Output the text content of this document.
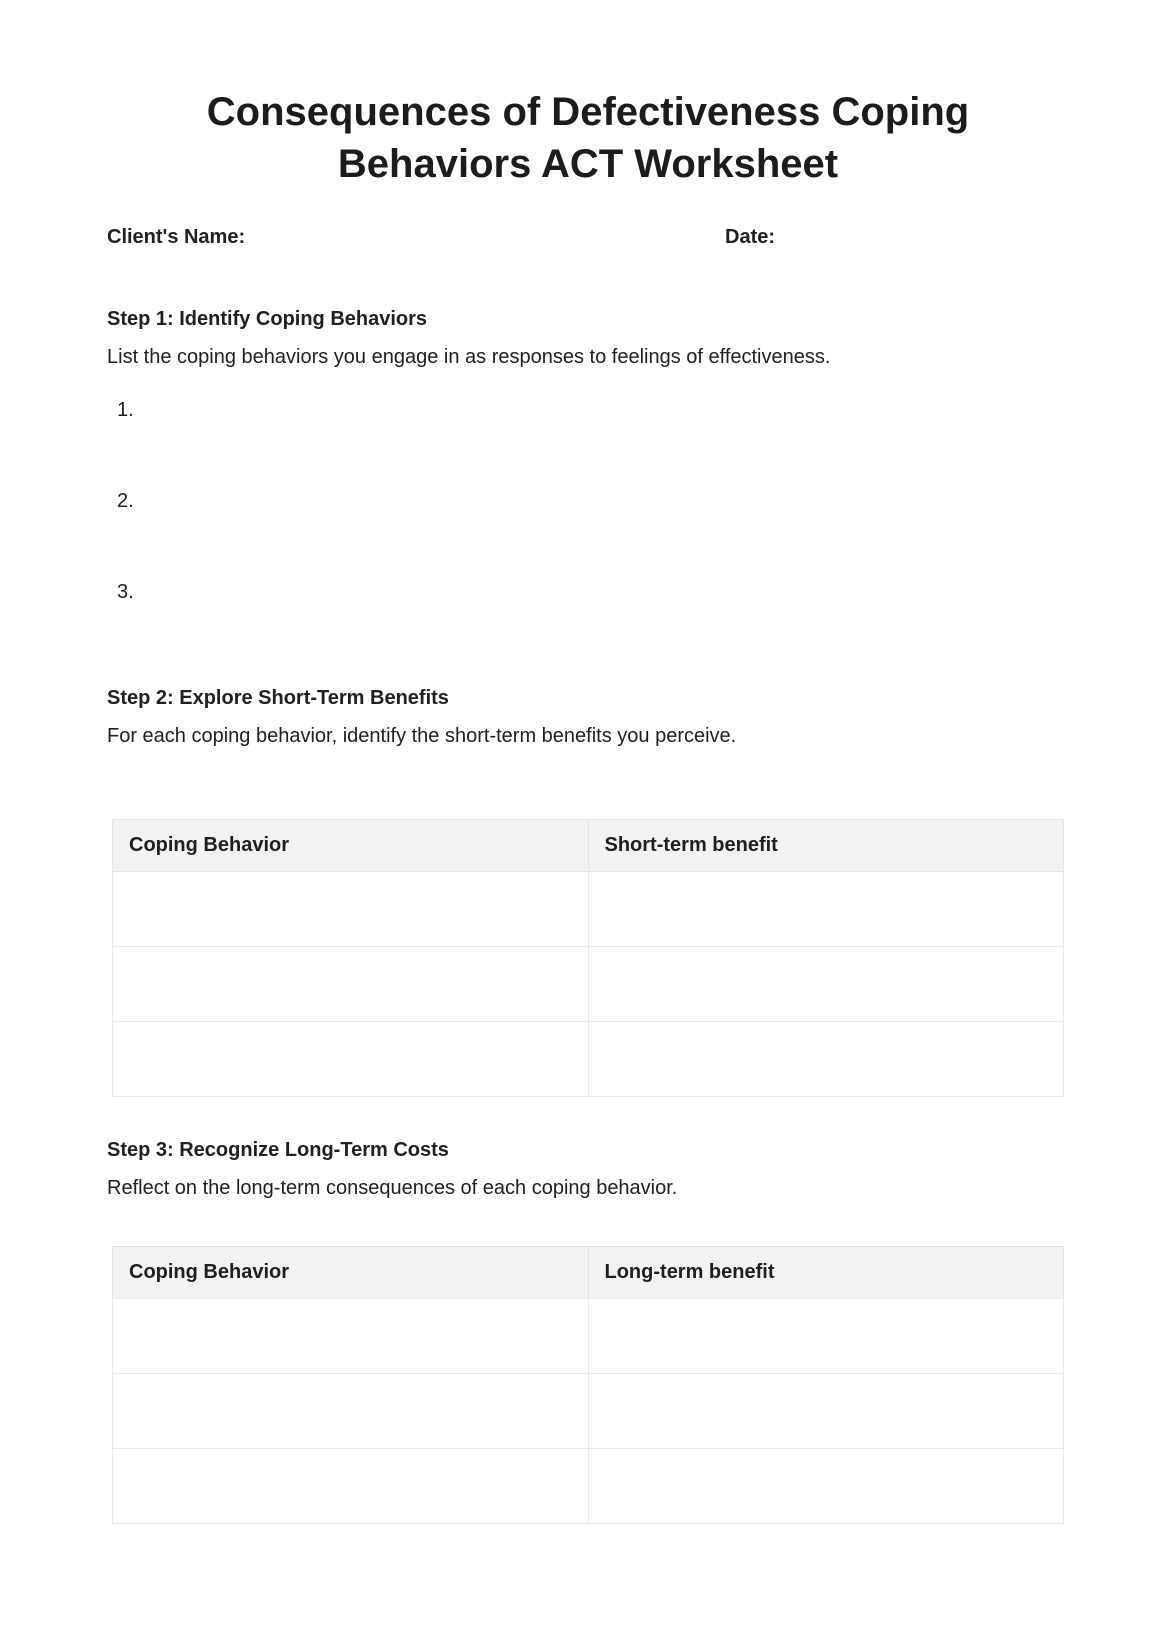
Consequences of Defectiveness Coping Behaviors ACT Worksheet
Client's Name:	Date:
Step 1: Identify Coping Behaviors

List the coping behaviors you engage in as responses to feelings of effectiveness.

1.
2.
3.
Step 2: Explore Short-Term Benefits

For each coping behavior, identify the short-term benefits you perceive.

Coping Behavior	Short-term benefit

Step 3: Recognize Long-Term Costs

Reflect on the long-term consequences of each coping behavior.

Coping Behavior	Long-term benefit
